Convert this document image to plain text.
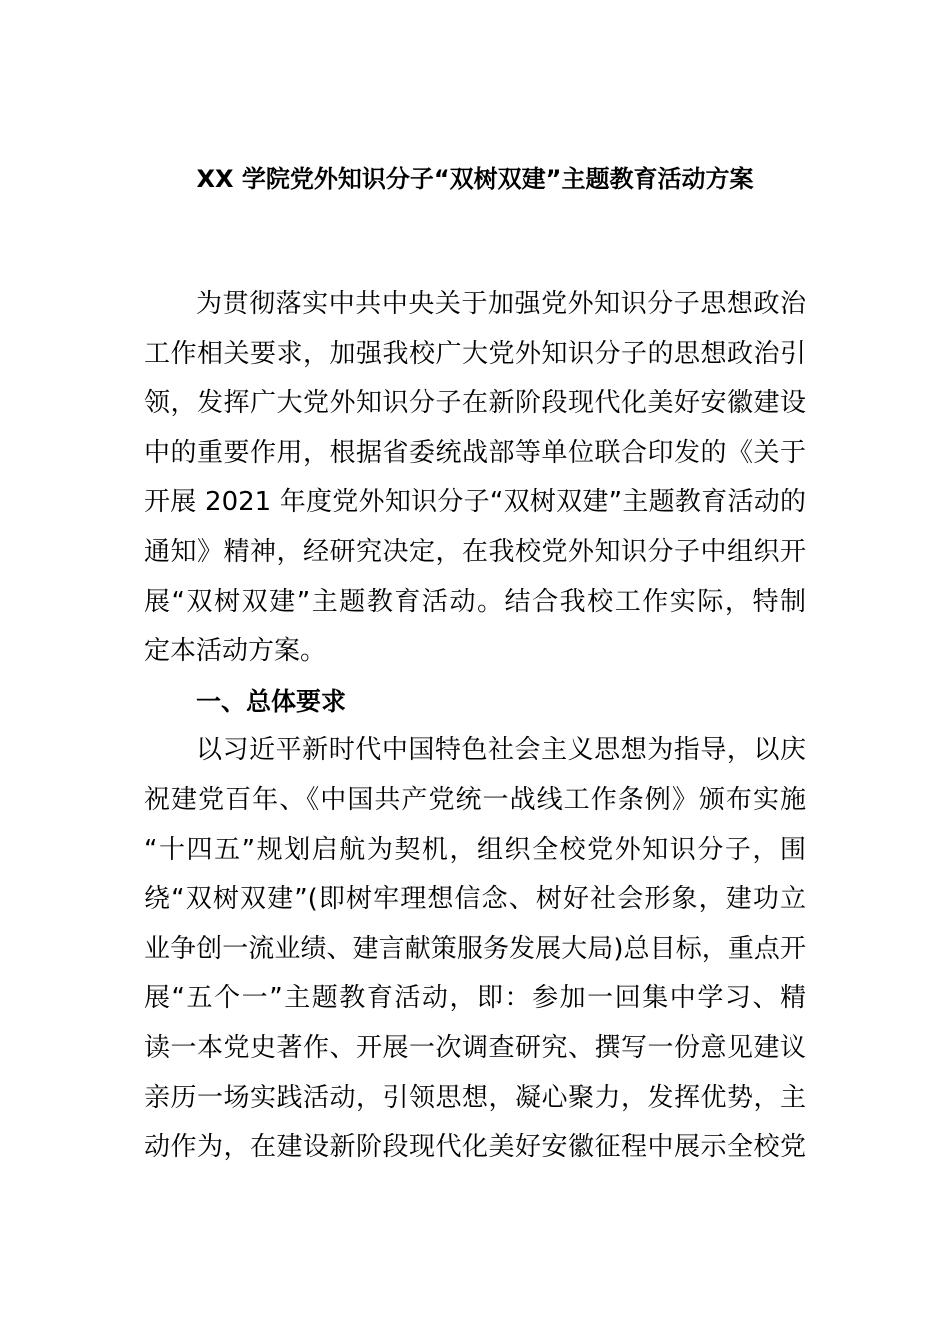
XX 学院党外知识分子“双树双建”主题教育活动方案
为贯彻落实中共中央关于加强党外知识分子思想政治
工作相关要求，加强我校广大党外知识分子的思想政治引
领，发挥广大党外知识分子在新阶段现代化美好安徽建设
中的重要作用，根据省委统战部等单位联合印发的《关于
开展 2021 年度党外知识分子“双树双建”主题教育活动的
通知》精神，经研究决定，在我校党外知识分子中组织开
展“双树双建”主题教育活动。结合我校工作实际，特制
定本活动方案。
一、总体要求
以习近平新时代中国特色社会主义思想为指导，以庆
祝建党百年、《中国共产党统一战线工作条例》颁布实施
“十四五”规划启航为契机，组织全校党外知识分子，围
绕“双树双建”(即树牢理想信念、树好社会形象，建功立
业争创一流业绩、建言献策服务发展大局)总目标，重点开
展“五个一”主题教育活动，即：参加一回集中学习、精
读一本党史著作、开展一次调查研究、撰写一份意见建议
亲历一场实践活动，引领思想，凝心聚力，发挥优势，主
动作为，在建设新阶段现代化美好安徽征程中展示全校党
